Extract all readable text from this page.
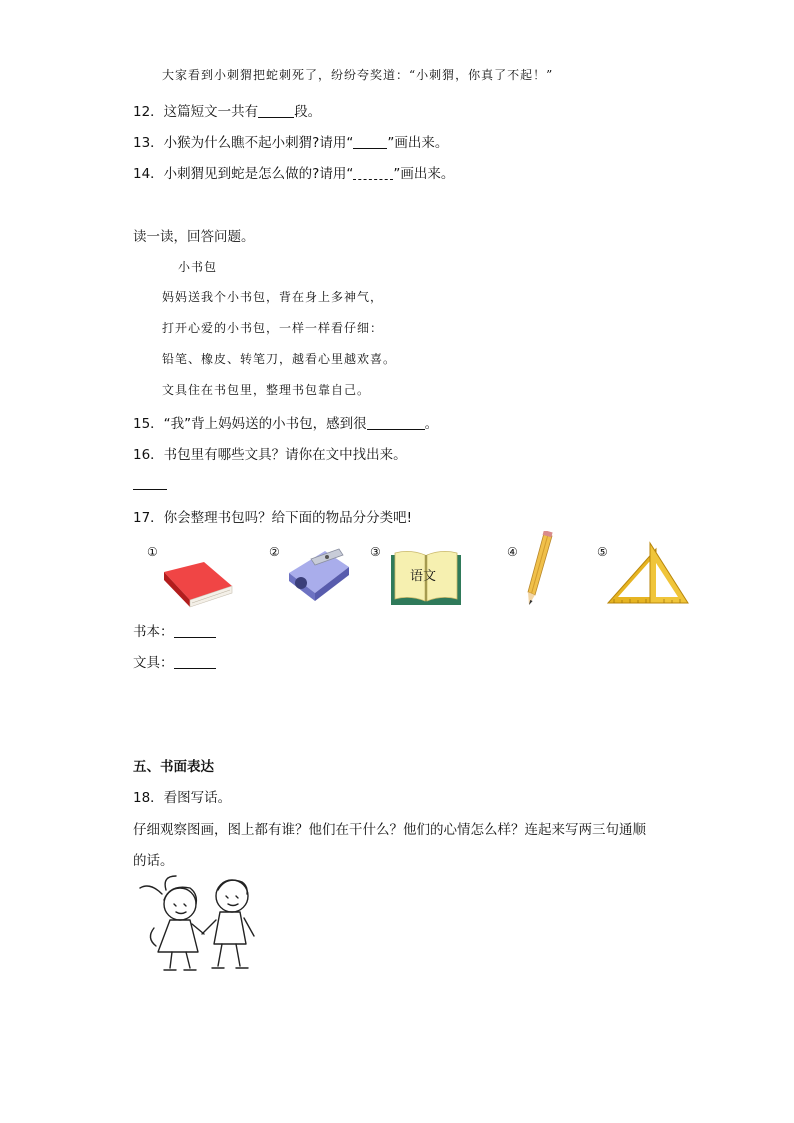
大家看到小刺猬把蛇刺死了，纷纷夸奖道：“小刺猬，你真了不起！”
12．这篇短文一共有	段。
13．小猴为什么瞧不起小刺猬?请用“	”画出来。
14．小刺猬见到蛇是怎么做的?请用“	”画出来。
读一读，回答问题。
小书包
妈妈送我个小书包，背在身上多神气，
打开心爱的小书包，一样一样看仔细：
铅笔、橡皮、转笔刀，越看心里越欢喜。
文具住在书包里，整理书包靠自己。
15．“我”背上妈妈送的小书包，感到很	。
16．书包里有哪些文具？请你在文中找出来。
17．你会整理书包吗？给下面的物品分分类吧!
①	②	③	④	⑤
语文
书本：
文具：
五、书面表达
18．看图写话。
仔细观察图画，图上都有谁？他们在干什么？他们的心情怎么样？连起来写两三句通顺
的话。
